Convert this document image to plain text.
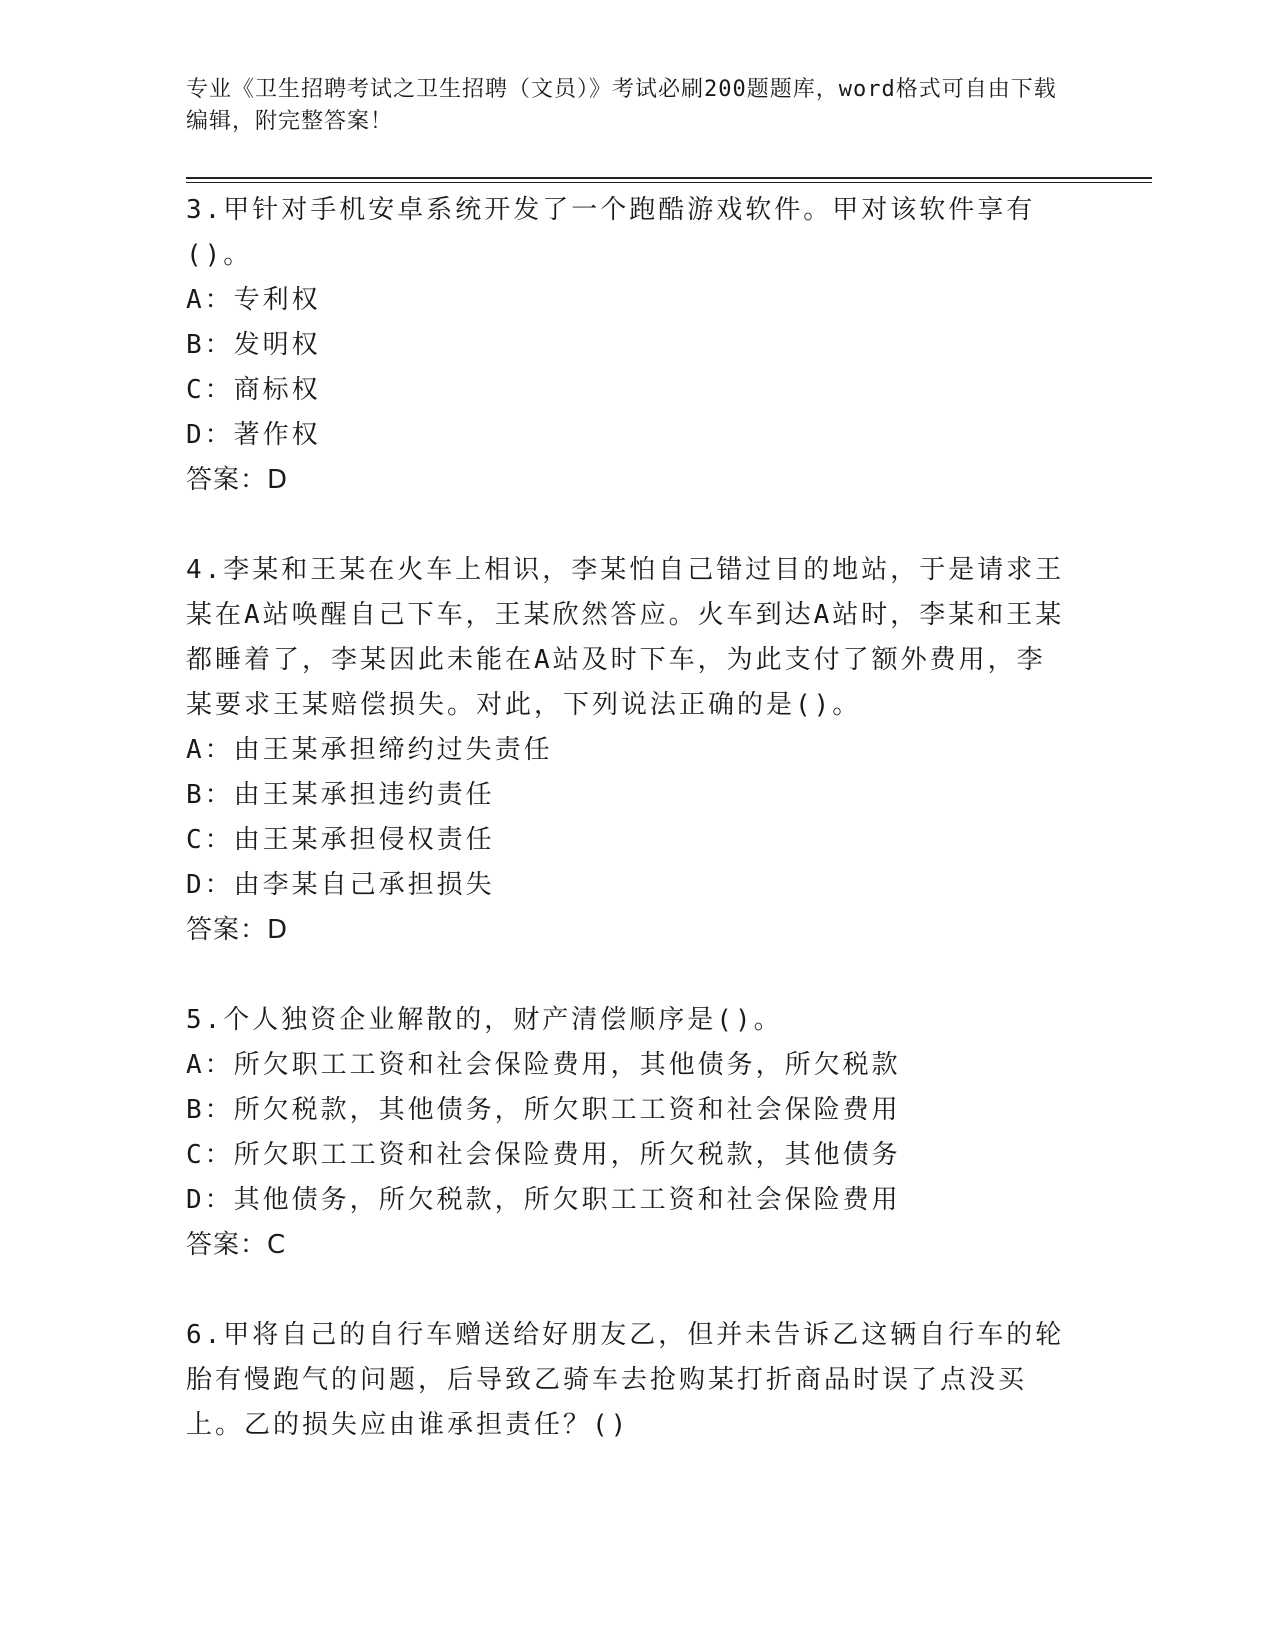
专业《卫生招聘考试之卫生招聘（文员）》考试必刷200题题库，word格式可自由下载编辑，附完整答案！

3.甲针对手机安卓系统开发了一个跑酷游戏软件。甲对该软件享有()。

A：专利权

B：发明权

C：商标权

D：著作权

答案：D

4.李某和王某在火车上相识，李某怕自己错过目的地站，于是请求王某在A站唤醒自己下车，王某欣然答应。火车到达A站时，李某和王某都睡着了，李某因此未能在A站及时下车，为此支付了额外费用，李某要求王某赔偿损失。对此，下列说法正确的是()。

A：由王某承担缔约过失责任

B：由王某承担违约责任

C：由王某承担侵权责任

D：由李某自己承担损失

答案：D

5.个人独资企业解散的，财产清偿顺序是()。

A：所欠职工工资和社会保险费用，其他债务，所欠税款

B：所欠税款，其他债务，所欠职工工资和社会保险费用

C：所欠职工工资和社会保险费用，所欠税款，其他债务

D：其他债务，所欠税款，所欠职工工资和社会保险费用

答案：C

6.甲将自己的自行车赠送给好朋友乙，但并未告诉乙这辆自行车的轮胎有慢跑气的问题，后导致乙骑车去抢购某打折商品时误了点没买上。乙的损失应由谁承担责任？()
